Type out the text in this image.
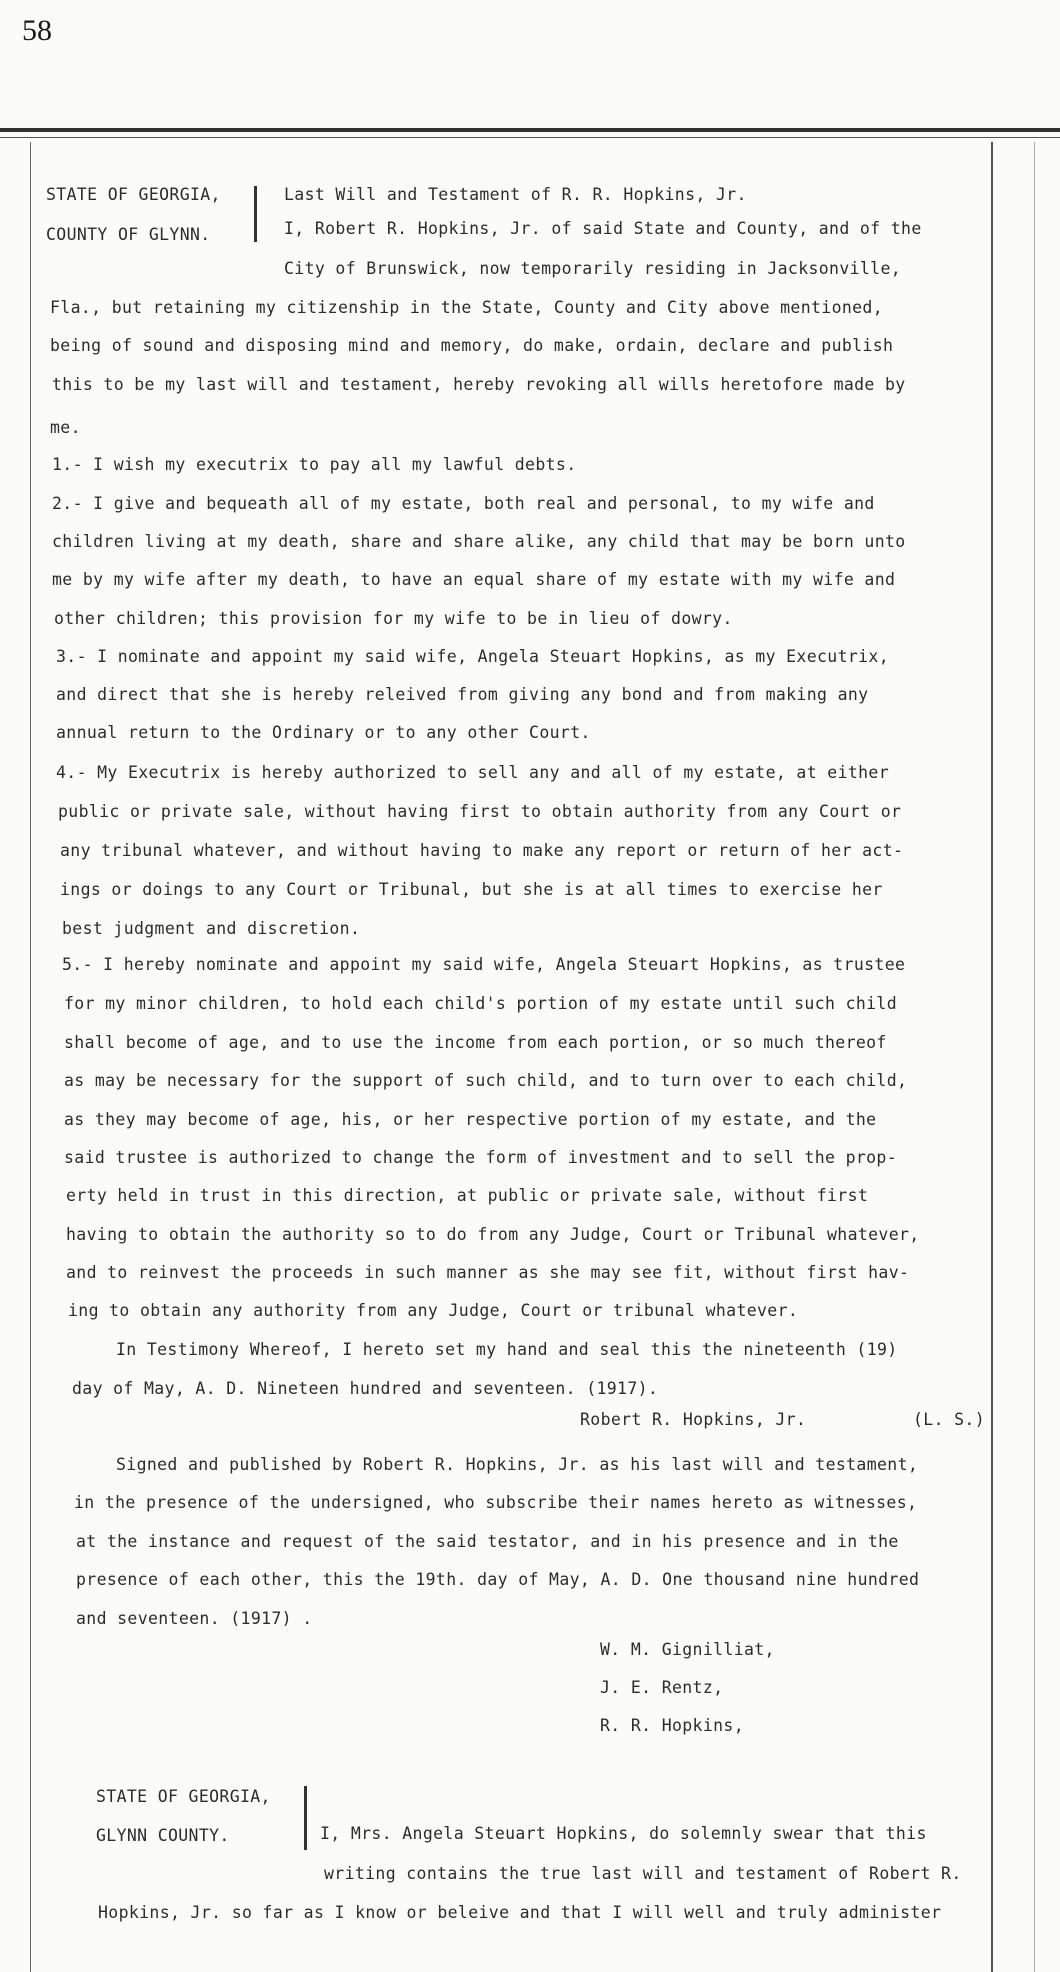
58
STATE OF GEORGIA,
COUNTY OF GLYNN.
Last Will and Testament of R. R. Hopkins, Jr.
I, Robert R. Hopkins, Jr. of said State and County, and of the
City of Brunswick, now temporarily residing in Jacksonville,
Fla., but retaining my citizenship in the State, County and City above mentioned,
being of sound and disposing mind and memory, do make, ordain, declare and publish
this to be my last will and testament, hereby revoking all wills heretofore made by
me.
1.- I wish my executrix to pay all my lawful debts.
2.- I give and bequeath all of my estate, both real and personal, to my wife and
children living at my death, share and share alike, any child that may be born unto
me by my wife after my death, to have an equal share of my estate with my wife and
other children; this provision for my wife to be in lieu of dowry.
3.- I nominate and appoint my said wife, Angela Steuart Hopkins, as my Executrix,
and direct that she is hereby releived from giving any bond and from making any
annual return to the Ordinary or to any other Court.
4.- My Executrix is hereby authorized to sell any and all of my estate, at either
public or private sale, without having first to obtain authority from any Court or
any tribunal whatever, and without having to make any report or return of her act-
ings or doings to any Court or Tribunal, but she is at all times to exercise her
best judgment and discretion.
5.- I hereby nominate and appoint my said wife, Angela Steuart Hopkins, as trustee
for my minor children, to hold each child's portion of my estate until such child
shall become of age, and to use the income from each portion, or so much thereof
as may be necessary for the support of such child, and to turn over to each child,
as they may become of age, his, or her respective portion of my estate, and the
said trustee is authorized to change the form of investment and to sell the prop-
erty held in trust in this direction, at public or private sale, without first
having to obtain the authority so to do from any Judge, Court or Tribunal whatever,
and to reinvest the proceeds in such manner as she may see fit, without first hav-
ing to obtain any authority from any Judge, Court or tribunal whatever.
In Testimony Whereof, I hereto set my hand and seal this the nineteenth (19)
day of May, A. D. Nineteen hundred and seventeen. (1917).
Robert R. Hopkins, Jr.	(L. S.)
Signed and published by Robert R. Hopkins, Jr. as his last will and testament,
in the presence of the undersigned, who subscribe their names hereto as witnesses,
at the instance and request of the said testator, and in his presence and in the
presence of each other, this the 19th. day of May, A. D. One thousand nine hundred
and seventeen. (1917) .
W. M. Gignilliat,
J. E. Rentz,
R. R. Hopkins,
STATE OF GEORGIA,
GLYNN COUNTY.	I, Mrs. Angela Steuart Hopkins, do solemnly swear that this
writing contains the true last will and testament of Robert R.
Hopkins, Jr. so far as I know or beleive and that I will well and truly administer
